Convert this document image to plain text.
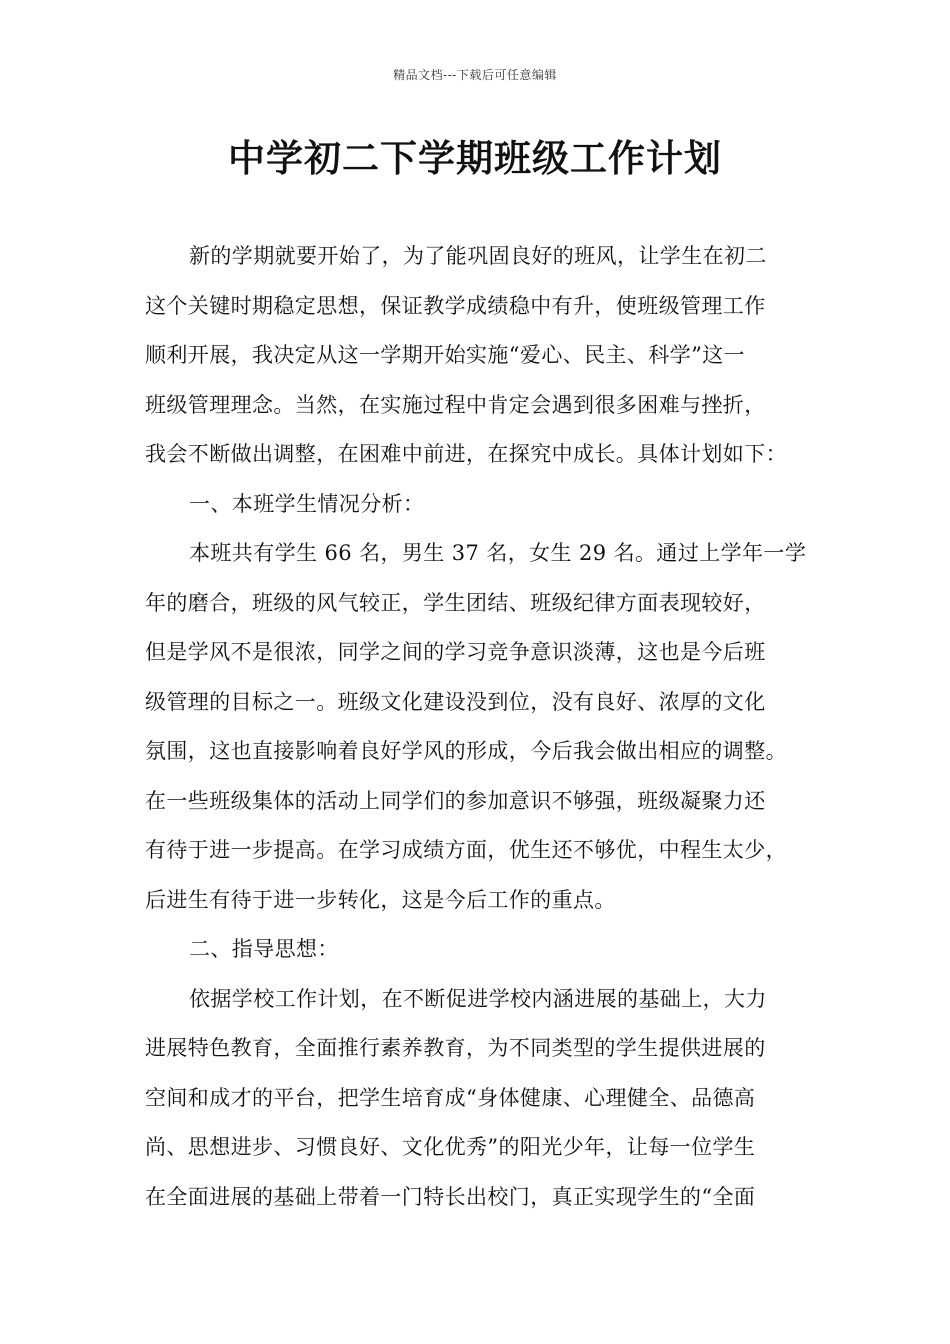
精品文档---下载后可任意编辑
中学初二下学期班级工作计划
新的学期就要开始了，为了能巩固良好的班风，让学生在初二
这个关键时期稳定思想，保证教学成绩稳中有升，使班级管理工作
顺利开展，我决定从这一学期开始实施“爱心、民主、科学”这一
班级管理理念。当然，在实施过程中肯定会遇到很多困难与挫折，
我会不断做出调整，在困难中前进，在探究中成长。具体计划如下：
一、本班学生情况分析：
本班共有学生 66 名，男生 37 名，女生 29 名。通过上学年一学
年的磨合，班级的风气较正，学生团结、班级纪律方面表现较好，
但是学风不是很浓，同学之间的学习竞争意识淡薄，这也是今后班
级管理的目标之一。班级文化建设没到位，没有良好、浓厚的文化
氛围，这也直接影响着良好学风的形成，今后我会做出相应的调整。
在一些班级集体的活动上同学们的参加意识不够强，班级凝聚力还
有待于进一步提高。在学习成绩方面，优生还不够优，中程生太少，
后进生有待于进一步转化，这是今后工作的重点。
二、指导思想：
依据学校工作计划，在不断促进学校内涵进展的基础上，大力
进展特色教育，全面推行素养教育，为不同类型的学生提供进展的
空间和成才的平台，把学生培育成“身体健康、心理健全、品德高
尚、思想进步、习惯良好、文化优秀”的阳光少年，让每一位学生
在全面进展的基础上带着一门特长出校门，真正实现学生的“全面
